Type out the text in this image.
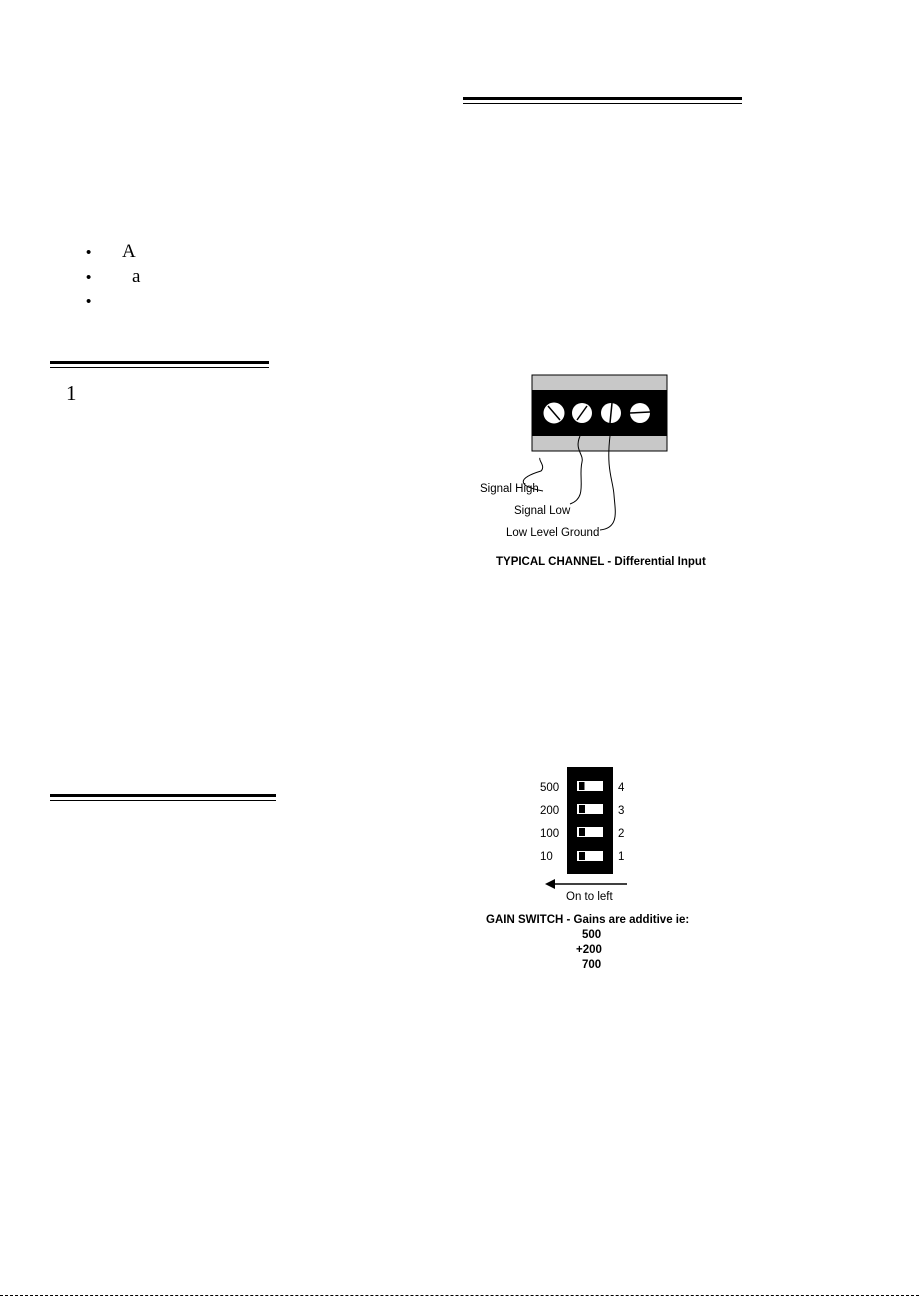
• A
• a
•
1
Signal High
Signal Low
Low Level Ground
TYPICAL CHANNEL - Differential Input
500
200
100
10
4
3
2
1
On to left
GAIN SWITCH - Gains are additive ie:
500
+200
700
